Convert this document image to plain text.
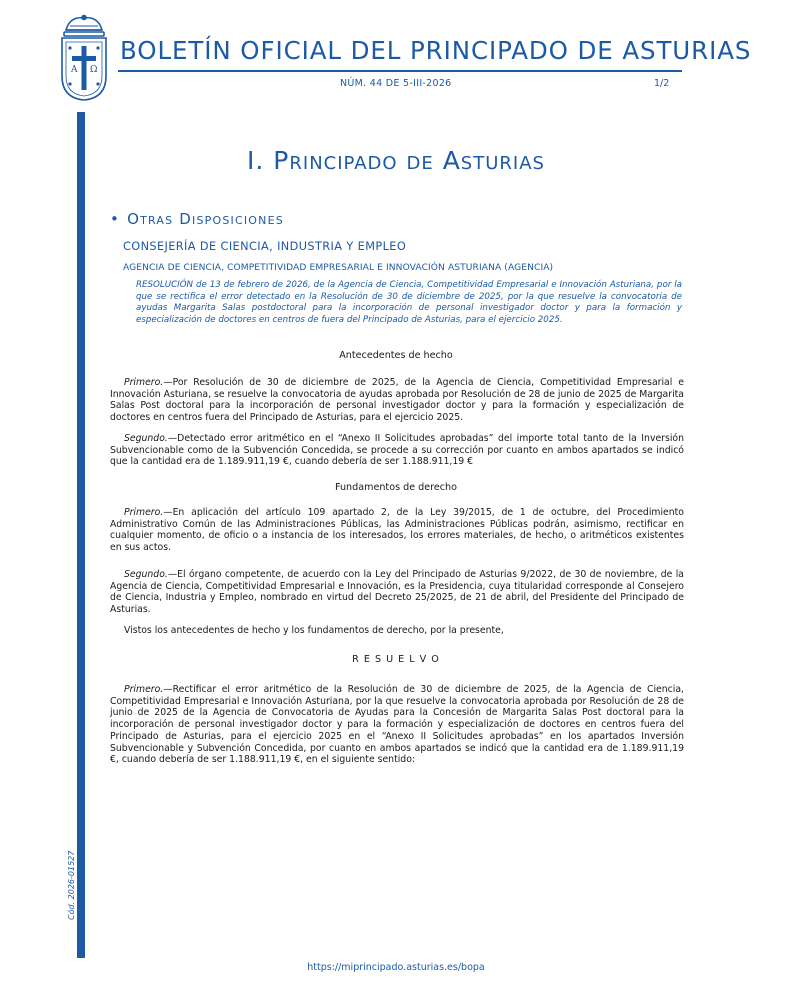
A Ω
BOLETÍN OFICIAL DEL PRINCIPADO DE ASTURIAS
NÚM. 44 DE 5-III-2026	1/2
Cód. 2026-01527
I. Principado de Asturias
• Otras Disposiciones
CONSEJERÍA DE CIENCIA, INDUSTRIA Y EMPLEO
AGENCIA DE CIENCIA, COMPETITIVIDAD EMPRESARIAL E INNOVACIÓN ASTURIANA (AGENCIA)
RESOLUCIÓN de 13 de febrero de 2026, de la Agencia de Ciencia, Competitividad Empresarial e Innovación Asturiana, por la que se rectifica el error detectado en la Resolución de 30 de diciembre de 2025, por la que resuelve la convocatoria de ayudas Margarita Salas postdoctoral para la incorporación de personal investigador doctor y para la formación y especialización de doctores en centros de fuera del Principado de Asturias, para el ejercicio 2025.
Antecedentes de hecho

Primero.—Por Resolución de 30 de diciembre de 2025, de la Agencia de Ciencia, Competitividad Empresarial e Innovación Asturiana, se resuelve la convocatoria de ayudas aprobada por Resolución de 28 de junio de 2025 de Margarita Salas Post doctoral para la incorporación de personal investigador doctor y para la formación y especialización de doctores en centros fuera del Principado de Asturias, para el ejercicio 2025.

Segundo.—Detectado error aritmético en el “Anexo II Solicitudes aprobadas” del importe total tanto de la Inversión Subvencionable como de la Subvención Concedida, se procede a su corrección por cuanto en ambos apartados se indicó que la cantidad era de 1.189.911,19 €, cuando debería de ser 1.188.911,19 €

Fundamentos de derecho

Primero.—En aplicación del artículo 109 apartado 2, de la Ley 39/2015, de 1 de octubre, del Procedimiento Administrativo Común de las Administraciones Públicas, las Administraciones Públicas podrán, asimismo, rectificar en cualquier momento, de oficio o a instancia de los interesados, los errores materiales, de hecho, o aritméticos existentes en sus actos.

Segundo.—El órgano competente, de acuerdo con la Ley del Principado de Asturias 9/2022, de 30 de noviembre, de la Agencia de Ciencia, Competitividad Empresarial e Innovación, es la Presidencia, cuya titularidad corresponde al Consejero de Ciencia, Industria y Empleo, nombrado en virtud del Decreto 25/2025, de 21 de abril, del Presidente del Principado de Asturias.

Vistos los antecedentes de hecho y los fundamentos de derecho, por la presente,

R E S U E L V O

Primero.—Rectificar el error aritmético de la Resolución de 30 de diciembre de 2025, de la Agencia de Ciencia, Competitividad Empresarial e Innovación Asturiana, por la que resuelve la convocatoria aprobada por Resolución de 28 de junio de 2025 de la Agencia de Convocatoria de Ayudas para la Concesión de Margarita Salas Post doctoral para la incorporación de personal investigador doctor y para la formación y especialización de doctores en centros fuera del Principado de Asturias, para el ejercicio 2025 en el “Anexo II Solicitudes aprobadas” en los apartados Inversión Subvencionable y Subvención Concedida, por cuanto en ambos apartados se indicó que la cantidad era de 1.189.911,19 €, cuando debería de ser 1.188.911,19 €, en el siguiente sentido:

https://miprincipado.asturias.es/bopa
